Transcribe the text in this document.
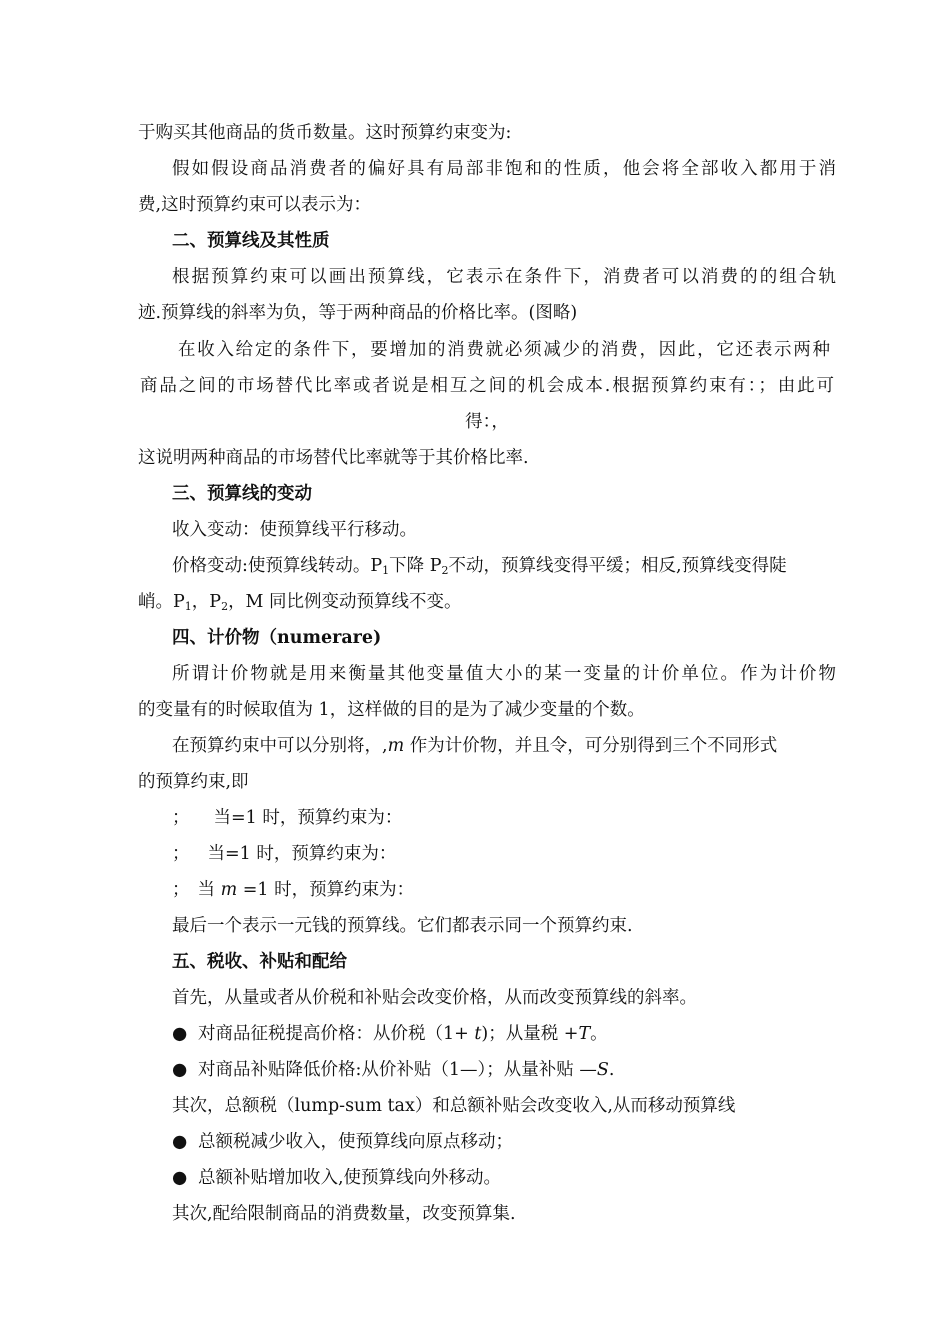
于购买其他商品的货币数量。这时预算约束变为:
假如假设商品消费者的偏好具有局部非饱和的性质，他会将全部收入都用于消
费,这时预算约束可以表示为：
二、预算线及其性质
根据预算约束可以画出预算线，它表示在条件下，消费者可以消费的的组合轨
迹.预算线的斜率为负，等于两种商品的价格比率。(图略)
在收入给定的条件下，要增加的消费就必须减少的消费，因此，它还表示两种
商品之间的市场替代比率或者说是相互之间的机会成本.根据预算约束有：；由此可
得：，
这说明两种商品的市场替代比率就等于其价格比率.
三、预算线的变动
收入变动：使预算线平行移动。
价格变动:使预算线转动。$P_1$下降 $P_2$不动，预算线变得平缓；相反,预算线变得陡
峭。$P_1$，$P_2$，M 同比例变动预算线不变。
四、计价物（numerare)
所谓计价物就是用来衡量其他变量值大小的某一变量的计价单位。作为计价物
的变量有的时候取值为 1，这样做的目的是为了减少变量的个数。
在预算约束中可以分别将，,m 作为计价物，并且令，可分别得到三个不同形式
的预算约束,即
； 当=1 时，预算约束为：
； 当=1 时，预算约束为：
； 当 m =1 时，预算约束为：
最后一个表示一元钱的预算线。它们都表示同一个预算约束.
五、税收、补贴和配给
首先，从量或者从价税和补贴会改变价格，从而改变预算线的斜率。
● 对商品征税提高价格：从价税（1+ t)；从量税 +T。
● 对商品补贴降低价格:从价补贴（1—）；从量补贴 —S.
其次，总额税（lump-sum tax）和总额补贴会改变收入,从而移动预算线
● 总额税减少收入，使预算线向原点移动；
● 总额补贴增加收入,使预算线向外移动。
其次,配给限制商品的消费数量，改变预算集.
